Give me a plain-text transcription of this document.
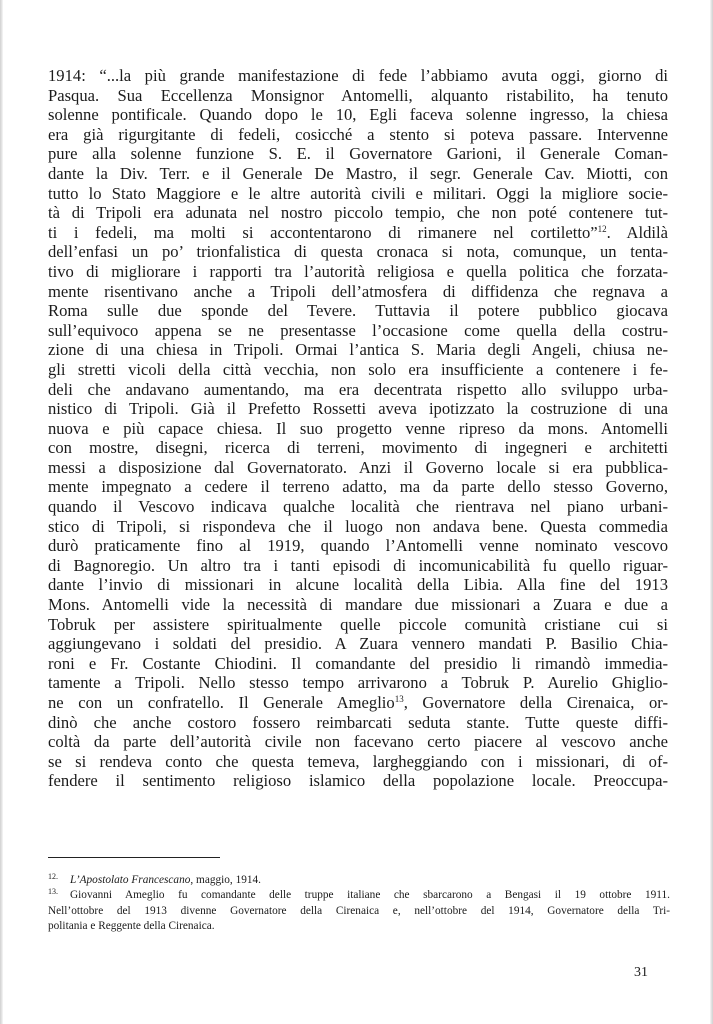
1914: “...la più grande manifestazione di fede l’abbiamo avuta oggi, giorno di
Pasqua. Sua Eccellenza Monsignor Antomelli, alquanto ristabilito, ha tenuto
solenne pontificale. Quando dopo le 10, Egli faceva solenne ingresso, la chiesa
era già rigurgitante di fedeli, cosicché a stento si poteva passare. Intervenne
pure alla solenne funzione S. E. il Governatore Garioni, il Generale Coman-
dante la Div. Terr. e il Generale De Mastro, il segr. Generale Cav. Miotti, con
tutto lo Stato Maggiore e le altre autorità civili e militari. Oggi la migliore socie-
tà di Tripoli era adunata nel nostro piccolo tempio, che non poté contenere tut-
ti i fedeli, ma molti si accontentarono di rimanere nel cortiletto”$^{12}$. Aldilà
dell’enfasi un po’ trionfalistica di questa cronaca si nota, comunque, un tenta-
tivo di migliorare i rapporti tra l’autorità religiosa e quella politica che forzata-
mente risentivano anche a Tripoli dell’atmosfera di diffidenza che regnava a
Roma sulle due sponde del Tevere. Tuttavia il potere pubblico giocava
sull’equivoco appena se ne presentasse l’occasione come quella della costru-
zione di una chiesa in Tripoli. Ormai l’antica S. Maria degli Angeli, chiusa ne-
gli stretti vicoli della città vecchia, non solo era insufficiente a contenere i fe-
deli che andavano aumentando, ma era decentrata rispetto allo sviluppo urba-
nistico di Tripoli. Già il Prefetto Rossetti aveva ipotizzato la costruzione di una
nuova e più capace chiesa. Il suo progetto venne ripreso da mons. Antomelli
con mostre, disegni, ricerca di terreni, movimento di ingegneri e architetti
messi a disposizione dal Governatorato. Anzi il Governo locale si era pubblica-
mente impegnato a cedere il terreno adatto, ma da parte dello stesso Governo,
quando il Vescovo indicava qualche località che rientrava nel piano urbani-
stico di Tripoli, si rispondeva che il luogo non andava bene. Questa commedia
durò praticamente fino al 1919, quando l’Antomelli venne nominato vescovo
di Bagnoregio. Un altro tra i tanti episodi di incomunicabilità fu quello riguar-
dante l’invio di missionari in alcune località della Libia. Alla fine del 1913
Mons. Antomelli vide la necessità di mandare due missionari a Zuara e due a
Tobruk per assistere spiritualmente quelle piccole comunità cristiane cui si
aggiungevano i soldati del presidio. A Zuara vennero mandati P. Basilio Chia-
roni e Fr. Costante Chiodini. Il comandante del presidio li rimandò immedia-
tamente a Tripoli. Nello stesso tempo arrivarono a Tobruk P. Aurelio Ghiglio-
ne con un confratello. Il Generale Ameglio$^{13}$, Governatore della Cirenaica, or-
dinò che anche costoro fossero reimbarcati seduta stante. Tutte queste diffi-
coltà da parte dell’autorità civile non facevano certo piacere al vescovo anche
se si rendeva conto che questa temeva, largheggiando con i missionari, di of-
fendere il sentimento religioso islamico della popolazione locale. Preoccupa-
12. L’Apostolato Francescano, maggio, 1914.
13. Giovanni Ameglio fu comandante delle truppe italiane che sbarcarono a Bengasi il 19 ottobre 1911.
Nell’ottobre del 1913 divenne Governatore della Cirenaica e, nell’ottobre del 1914, Governatore della Tri-
politania e Reggente della Cirenaica.
31
